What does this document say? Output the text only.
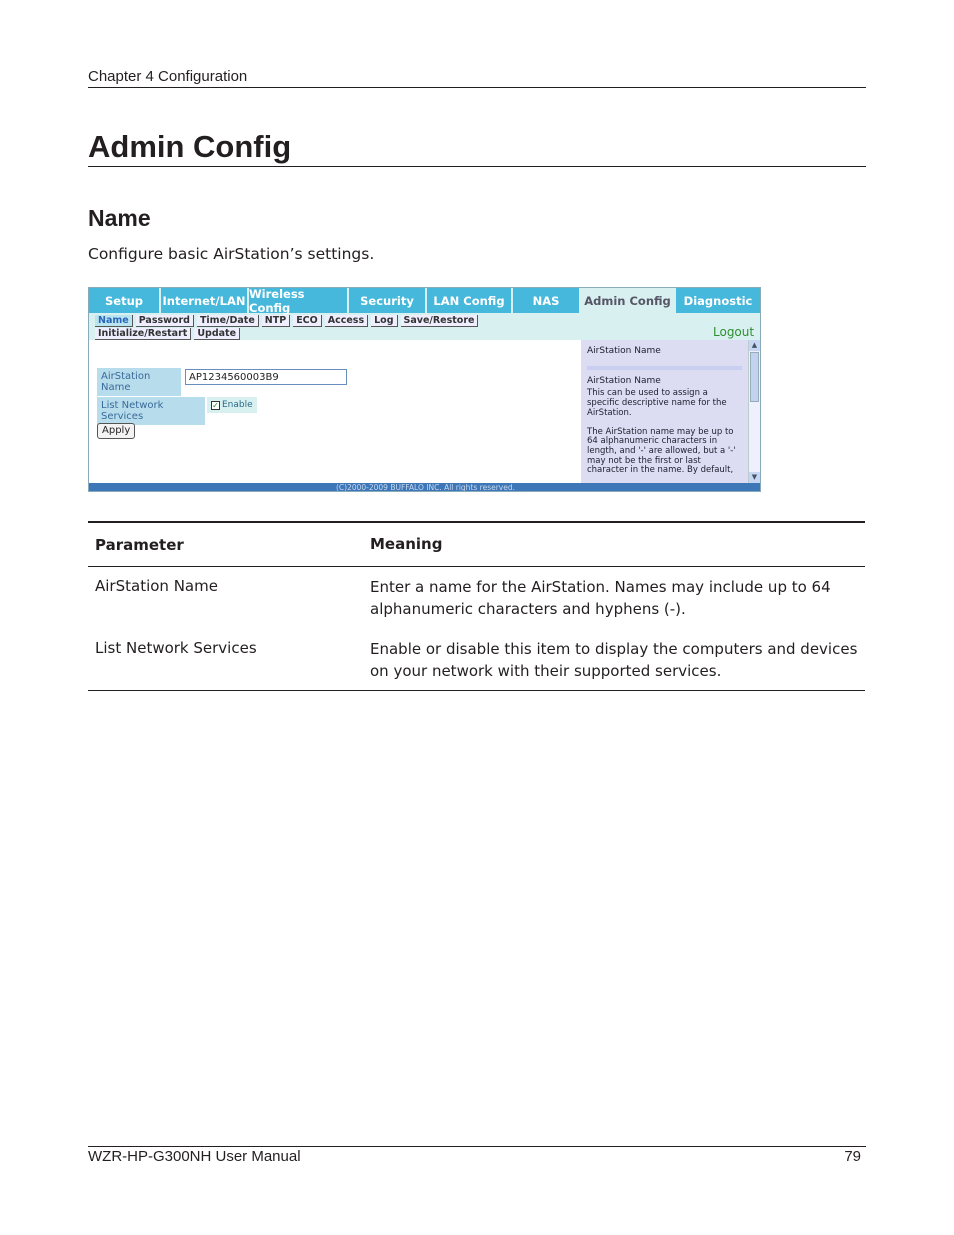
Chapter 4 Configuration
Admin Config
Name
Configure basic AirStation’s settings.
Setup	Internet/LAN Wireless Config	Security	LAN Config	NAS	Admin Config	Diagnostic
Name	Password	Time/Date	NTP	ECO	Access	Log	Save/Restore
Initialize/Restart	Update	Logout
AirStation Name
AP1234560003B9
List Network Services
✓ Enable
Apply
AirStation Name
AirStation Name

This can be used to assign a specific descriptive name for the AirStation.

The AirStation name may be up to 64 alphanumeric characters in length, and '-' are allowed, but a '-' may not be the first or last character in the name. By default,

▲
▼
(C)2000-2009 BUFFALO INC. All rights reserved.
Parameter	Meaning
AirStation Name	Enter a name for the AirStation. Names may include up to 64 alphanumeric characters and hyphens (-).
List Network Services	Enable or disable this item to display the computers and devices on your network with their supported services.
WZR-HP-G300NH User Manual	79
